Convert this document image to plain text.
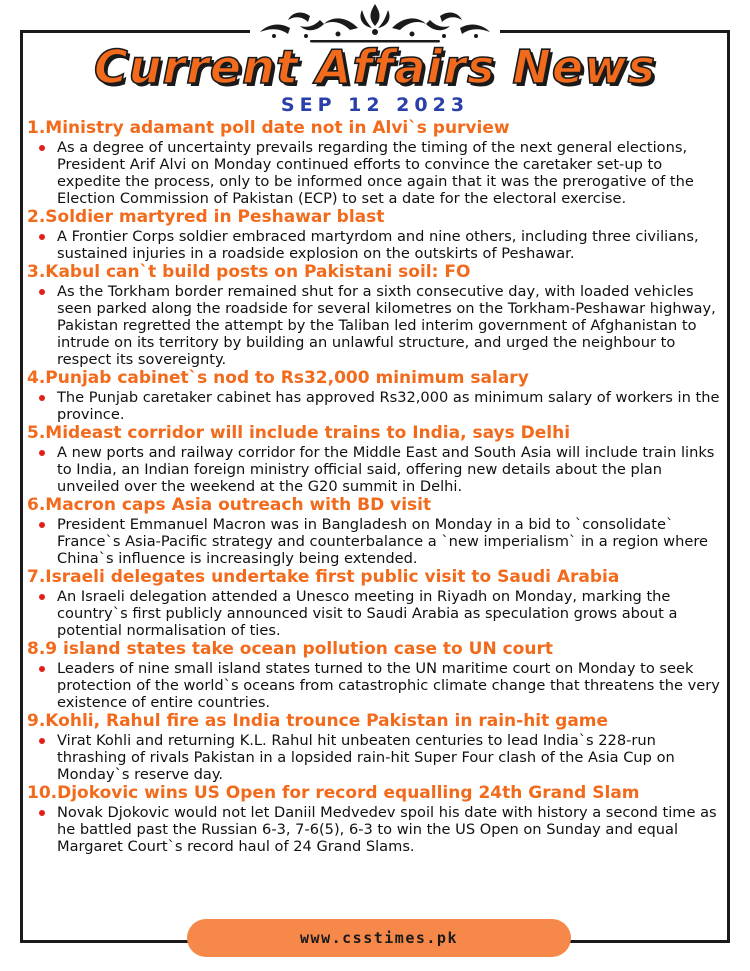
Current Affairs News
SEP 12 2023
1.Ministry adamant poll date not in Alvi`s purview
As a degree of uncertainty prevails regarding the timing of the next general elections, President Arif Alvi on Monday continued efforts to convince the caretaker set-up to expedite the process, only to be informed once again that it was the prerogative of the Election Commission of Pakistan (ECP) to set a date for the electoral exercise.
2.Soldier martyred in Peshawar blast
A Frontier Corps soldier embraced martyrdom and nine others, including three civilians, sustained injuries in a roadside explosion on the outskirts of Peshawar.
3.Kabul can`t build posts on Pakistani soil: FO
As the Torkham border remained shut for a sixth consecutive day, with loaded vehicles seen parked along the roadside for several kilometres on the Torkham-Peshawar highway, Pakistan regretted the attempt by the Taliban led interim government of Afghanistan to intrude on its territory by building an unlawful structure, and urged the neighbour to respect its sovereignty.
4.Punjab cabinet`s nod to Rs32,000 minimum salary
The Punjab caretaker cabinet has approved Rs32,000 as minimum salary of workers in the province.
5.Mideast corridor will include trains to India, says Delhi
A new ports and railway corridor for the Middle East and South Asia will include train links to India, an Indian foreign ministry official said, offering new details about the plan unveiled over the weekend at the G20 summit in Delhi.
6.Macron caps Asia outreach with BD visit
President Emmanuel Macron was in Bangladesh on Monday in a bid to `consolidate` France`s Asia-Pacific strategy and counterbalance a `new imperialism` in a region where China`s influence is increasingly being extended.
7.Israeli delegates undertake first public visit to Saudi Arabia
An Israeli delegation attended a Unesco meeting in Riyadh on Monday, marking the country`s first publicly announced visit to Saudi Arabia as speculation grows about a potential normalisation of ties.
8.9 island states take ocean pollution case to UN court
Leaders of nine small island states turned to the UN maritime court on Monday to seek protection of the world`s oceans from catastrophic climate change that threatens the very existence of entire countries.
9.Kohli, Rahul fire as India trounce Pakistan in rain-hit game
Virat Kohli and returning K.L. Rahul hit unbeaten centuries to lead India`s 228-run thrashing of rivals Pakistan in a lopsided rain-hit Super Four clash of the Asia Cup on Monday`s reserve day.
10.Djokovic wins US Open for record equalling 24th Grand Slam
Novak Djokovic would not let Daniil Medvedev spoil his date with history a second time as he battled past the Russian 6-3, 7-6(5), 6-3 to win the US Open on Sunday and equal Margaret Court`s record haul of 24 Grand Slams.
www.csstimes.pk
